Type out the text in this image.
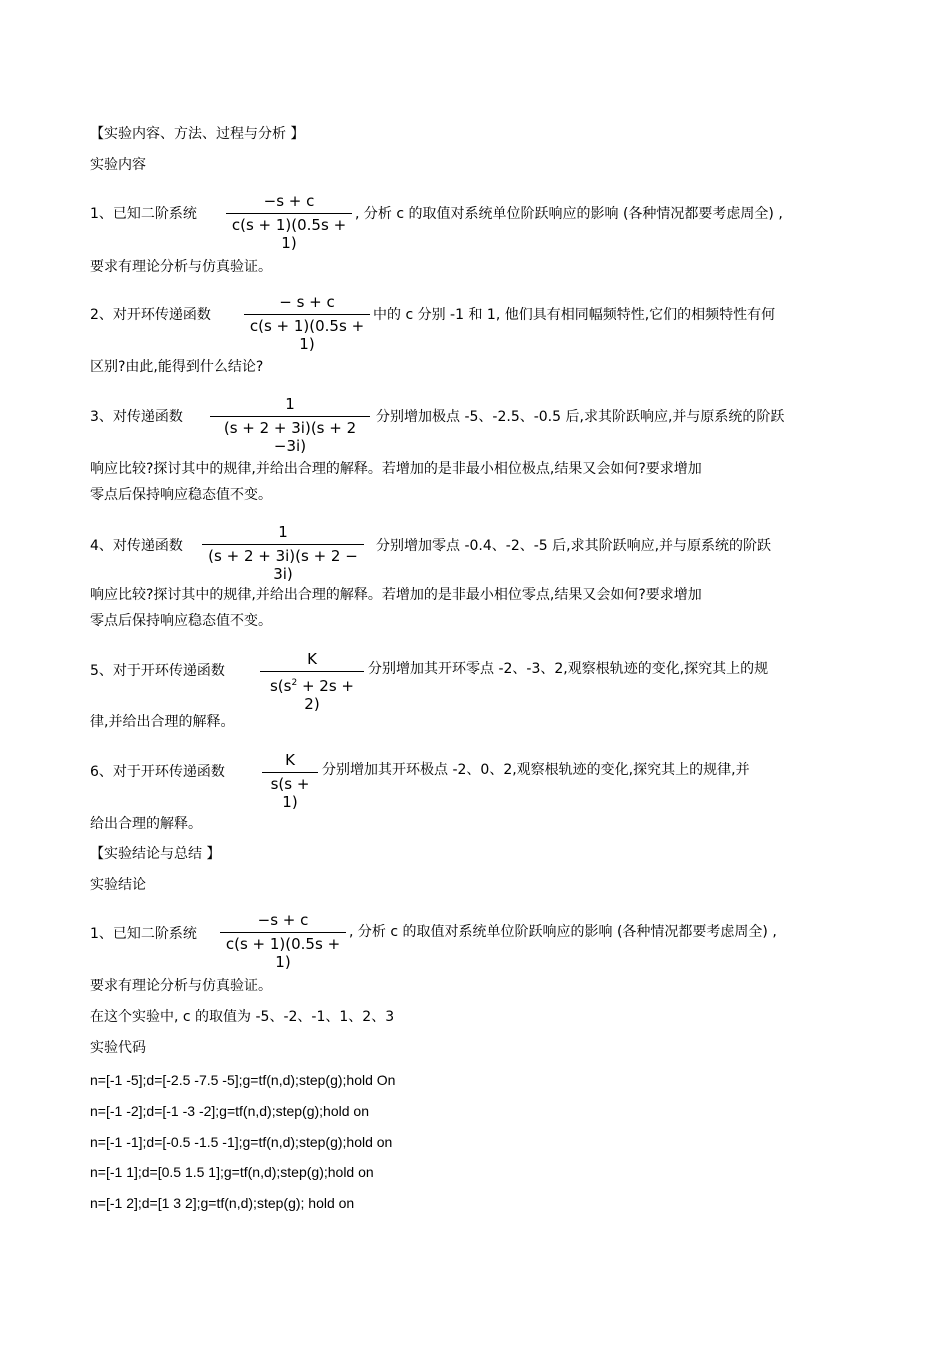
【实验内容、方法、过程与分析 】
实验内容
1、已知二阶系统
−s + c
c(s + 1)(0.5s + 1)
, 分析 c 的取值对系统单位阶跃响应的影响 (各种情况都要考虑周全) ,
要求有理论分析与仿真验证。
2、对开环传递函数
− s + c
c(s + 1)(0.5s + 1)
中的 c 分别 -1 和 1, 他们具有相同幅频特性,它们的相频特性有何
区别?由此,能得到什么结论?
3、对传递函数
1
(s + 2 + 3i)(s + 2 −3i)
分别增加极点 -5、-2.5、-0.5 后,求其阶跃响应,并与原系统的阶跃
响应比较?探讨其中的规律,并给出合理的解释。若增加的是非最小相位极点,结果又会如何?要求增加
零点后保持响应稳态值不变。
4、对传递函数
1
(s + 2 + 3i)(s + 2 − 3i)
分别增加零点 -0.4、-2、-5 后,求其阶跃响应,并与原系统的阶跃
响应比较?探讨其中的规律,并给出合理的解释。若增加的是非最小相位零点,结果又会如何?要求增加
零点后保持响应稳态值不变。
5、对于开环传递函数
K
$s(s^2 + 2s + 2)$
分别增加其开环零点 -2、-3、2,观察根轨迹的变化,探究其上的规
律,并给出合理的解释。
6、对于开环传递函数
K
s(s + 1)
分别增加其开环极点 -2、0、2,观察根轨迹的变化,探究其上的规律,并
给出合理的解释。
【实验结论与总结 】
实验结论
1、已知二阶系统
−s + c
c(s + 1)(0.5s + 1)
, 分析 c 的取值对系统单位阶跃响应的影响 (各种情况都要考虑周全) ,
要求有理论分析与仿真验证。
在这个实验中, c 的取值为 -5、-2、-1、1、2、3
实验代码
n=[-1 -5];d=[-2.5 -7.5 -5];g=tf(n,d);step(g);hold On
n=[-1 -2];d=[-1 -3 -2];g=tf(n,d);step(g);hold on
n=[-1 -1];d=[-0.5 -1.5 -1];g=tf(n,d);step(g);hold on
n=[-1 1];d=[0.5 1.5 1];g=tf(n,d);step(g);hold on
n=[-1 2];d=[1 3 2];g=tf(n,d);step(g); hold on
